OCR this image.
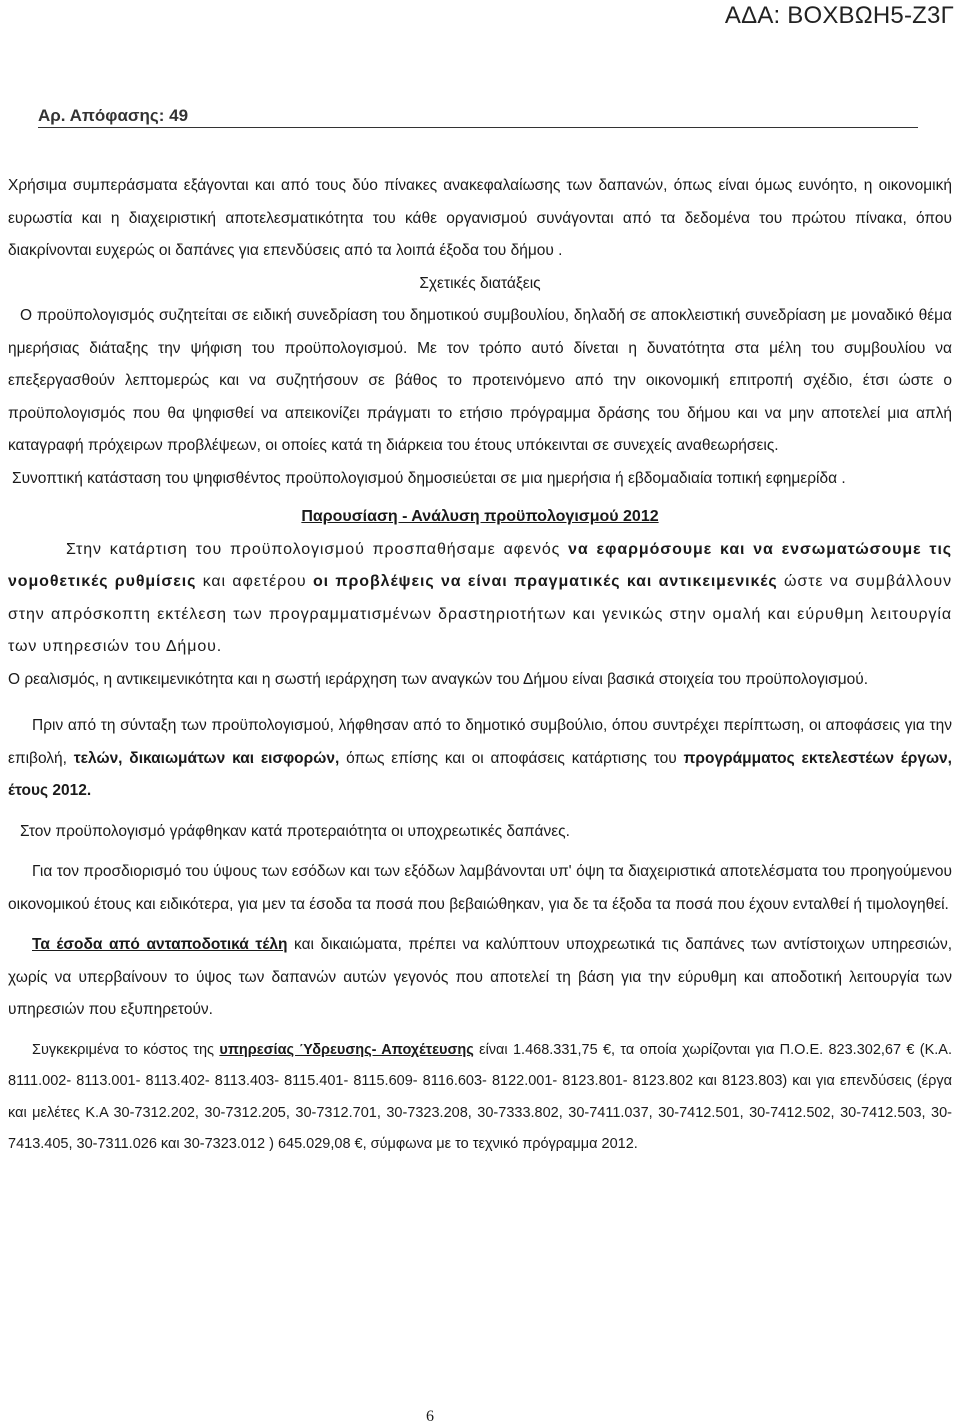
ΑΔΑ: ΒΟΧΒΩΗ5-Ζ3Γ
Αρ. Απόφασης: 49

Χρήσιμα συμπεράσματα εξάγονται και από τους δύο πίνακες ανακεφαλαίωσης των δαπανών, όπως είναι όμως ευνόητο, η οικονομική ευρωστία και η διαχειριστική αποτελεσματικότητα του κάθε οργανισμού συνάγονται από τα δεδομένα του πρώτου πίνακα, όπου διακρίνονται ευχερώς οι δαπάνες για επενδύσεις από τα λοιπά έξοδα του δήμου .

Σχετικές διατάξεις

Ο προϋπολογισμός συζητείται σε ειδική συνεδρίαση του δημοτικού συμβουλίου, δηλαδή σε αποκλειστική συνεδρίαση με μοναδικό θέμα ημερήσιας διάταξης την ψήφιση του προϋπολογισμού. Με τον τρόπο αυτό δίνεται η δυνατότητα στα μέλη του συμβουλίου να επεξεργασθούν λεπτομερώς και να συζητήσουν σε βάθος το προτεινόμενο από την οικονομική επιτροπή σχέδιο, έτσι ώστε ο προϋπολογισμός που θα ψηφισθεί να απεικονίζει πράγματι το ετήσιο πρόγραμμα δράσης του δήμου και να μην αποτελεί μια απλή καταγραφή πρόχειρων προβλέψεων, οι οποίες κατά τη διάρκεια του έτους υπόκεινται σε συνεχείς αναθεωρήσεις.

Συνοπτική κατάσταση του ψηφισθέντος προϋπολογισμού δημοσιεύεται σε μια ημερήσια ή εβδομαδιαία τοπική εφημερίδα .

Παρουσίαση - Ανάλυση προϋπολογισμού 2012

Στην κατάρτιση του προϋπολογισμού προσπαθήσαμε αφενός να εφαρμόσουμε και να ενσωματώσουμε τις νομοθετικές ρυθμίσεις και αφετέρου οι προβλέψεις να είναι πραγματικές και αντικειμενικές ώστε να συμβάλλουν στην απρόσκοπτη εκτέλεση των προγραμματισμένων δραστηριοτήτων και γενικώς στην ομαλή και εύρυθμη λειτουργία των υπηρεσιών του Δήμου.

Ο ρεαλισμός, η αντικειμενικότητα και η σωστή ιεράρχηση των αναγκών του Δήμου είναι βασικά στοιχεία του προϋπολογισμού.

Πριν από τη σύνταξη των προϋπολογισμού, λήφθησαν από το δημοτικό συμβούλιο, όπου συντρέχει περίπτωση, οι αποφάσεις για την επιβολή, τελών, δικαιωμάτων και εισφορών, όπως επίσης και οι αποφάσεις κατάρτισης του προγράμματος εκτελεστέων έργων, έτους 2012.

Στον προϋπολογισμό γράφθηκαν κατά προτεραιότητα οι υποχρεωτικές δαπάνες.

Για τον προσδιορισμό του ύψους των εσόδων και των εξόδων λαμβάνονται υπ' όψη τα διαχειριστικά αποτελέσματα του προηγούμενου οικονομικού έτους και ειδικότερα, για μεν τα έσοδα τα ποσά που βεβαιώθηκαν, για δε τα έξοδα τα ποσά που έχουν ενταλθεί ή τιμολογηθεί.

Τα έσοδα από ανταποδοτικά τέλη και δικαιώματα, πρέπει να καλύπτουν υποχρεωτικά τις δαπάνες των αντίστοιχων υπηρεσιών, χωρίς να υπερβαίνουν το ύψος των δαπανών αυτών γεγονός που αποτελεί τη βάση για την εύρυθμη και αποδοτική λειτουργία των υπηρεσιών που εξυπηρετούν.

Συγκεκριμένα το κόστος της υπηρεσίας Ύδρευσης- Αποχέτευσης είναι 1.468.331,75 €, τα οποία χωρίζονται για Π.Ο.Ε. 823.302,67 € (Κ.Α. 8111.002- 8113.001- 8113.402- 8113.403- 8115.401- 8115.609- 8116.603- 8122.001- 8123.801- 8123.802 και 8123.803) και για επενδύσεις (έργα και μελέτες Κ.Α 30-7312.202, 30-7312.205, 30-7312.701, 30-7323.208, 30-7333.802, 30-7411.037, 30-7412.501, 30-7412.502, 30-7412.503, 30-7413.405, 30-7311.026 και 30-7323.012 ) 645.029,08 €, σύμφωνα με το τεχνικό πρόγραμμα 2012.

6
